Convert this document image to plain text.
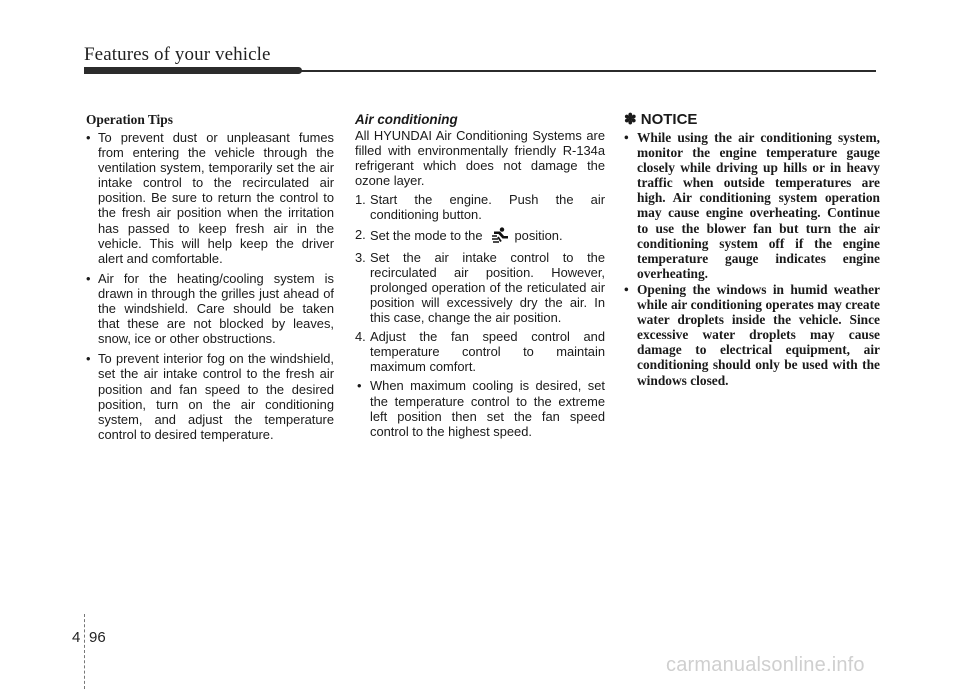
Features of your vehicle
Operation Tips
• To prevent dust or unpleasant fumes from entering the vehicle through the ventilation system, temporarily set the air intake control to the recirculated air position. Be sure to return the control to the fresh air position when the irritation has passed to keep fresh air in the vehicle. This will help keep the driver alert and comfortable.
• Air for the heating/cooling system is drawn in through the grilles just ahead of the windshield. Care should be taken that these are not blocked by leaves, snow, ice or other obstructions.
• To prevent interior fog on the windshield, set the air intake control to the fresh air position and fan speed to the desired position, turn on the air conditioning system, and adjust the temperature control to desired temperature.
Air conditioning

All HYUNDAI Air Conditioning Systems are filled with environmentally friendly R-134a refrigerant which does not damage the ozone layer.

1. Start the engine. Push the air conditioning button.
2. Set the mode to the position.
3. Set the air intake control to the recirculated air position. However, prolonged operation of the reticulated air position will excessively dry the air. In this case, change the air position.
4. Adjust the fan speed control and temperature control to maintain maximum comfort.
• When maximum cooling is desired, set the temperature control to the extreme left position then set the fan speed control to the highest speed.
✽ NOTICE
• While using the air conditioning system, monitor the engine temperature gauge closely while driving up hills or in heavy traffic when outside temperatures are high. Air conditioning system operation may cause engine overheating. Continue to use the blower fan but turn the air conditioning system off if the engine temperature gauge indicates engine overheating.
• Opening the windows in humid weather while air conditioning operates may create water droplets inside the vehicle. Since excessive water droplets may cause damage to electrical equipment, air conditioning should only be used with the windows closed.
4 96
carmanualsonline.info
